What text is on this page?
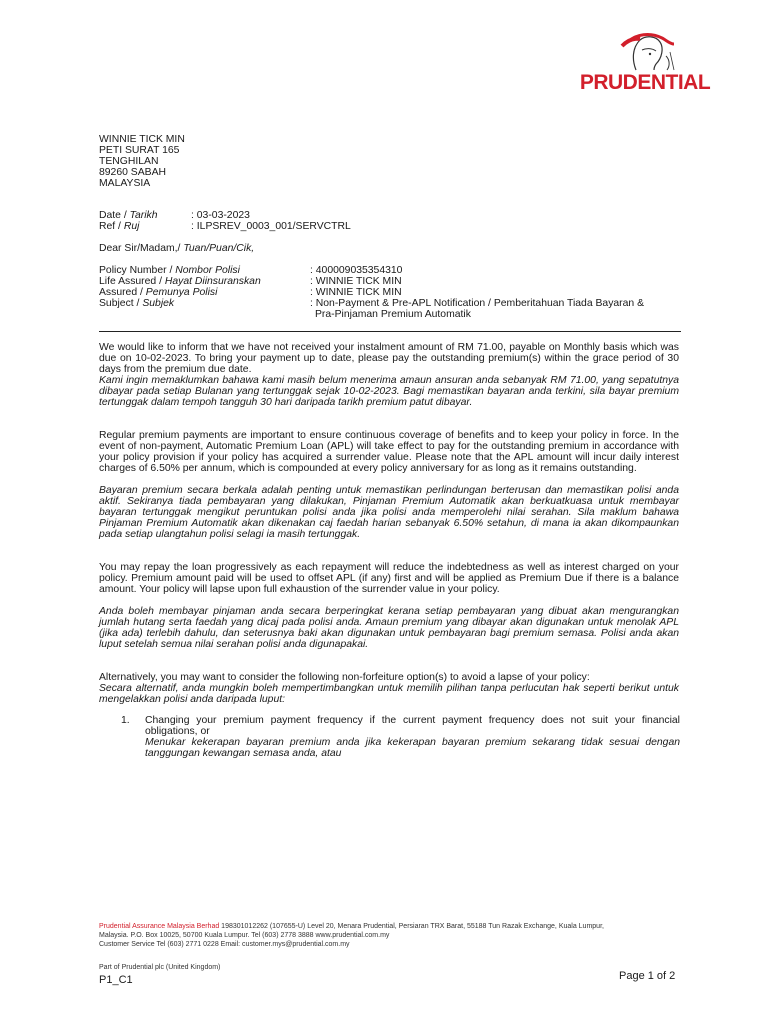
PRUDENTIAL
WINNIE TICK MIN
PETI SURAT 165
TENGHILAN
89260 SABAH
MALAYSIA
Date / Tarikh	: 03-03-2023
Ref / Ruj	: ILPSREV_0003_001/SERVCTRL
Dear Sir/Madam,/ Tuan/Puan/Cik,
Policy Number / Nombor Polisi	: 400009035354310
Life Assured / Hayat Diinsuranskan	: WINNIE TICK MIN
Assured / Pemunya Polisi	: WINNIE TICK MIN
Subject / Subjek	: Non-Payment & Pre-APL Notification / Pemberitahuan Tiada Bayaran &
Pra-Pinjaman Premium Automatik
We would like to inform that we have not received your instalment amount of RM 71.00, payable on Monthly basis which was due on 10-02-2023. To bring your payment up to date, please pay the outstanding premium(s) within the grace period of 30 days from the premium due date.
Kami ingin memaklumkan bahawa kami masih belum menerima amaun ansuran anda sebanyak RM 71.00, yang sepatutnya dibayar pada setiap Bulanan yang tertunggak sejak 10-02-2023. Bagi memastikan bayaran anda terkini, sila bayar premium tertunggak dalam tempoh tangguh 30 hari daripada tarikh premium patut dibayar.
Regular premium payments are important to ensure continuous coverage of benefits and to keep your policy in force. In the event of non-payment, Automatic Premium Loan (APL) will take effect to pay for the outstanding premium in accordance with your policy provision if your policy has acquired a surrender value. Please note that the APL amount will incur daily interest charges of 6.50% per annum, which is compounded at every policy anniversary for as long as it remains outstanding.
Bayaran premium secara berkala adalah penting untuk memastikan perlindungan berterusan dan memastikan polisi anda aktif. Sekiranya tiada pembayaran yang dilakukan, Pinjaman Premium Automatik akan berkuatkuasa untuk membayar bayaran tertunggak mengikut peruntukan polisi anda jika polisi anda memperolehi nilai serahan. Sila maklum bahawa Pinjaman Premium Automatik akan dikenakan caj faedah harian sebanyak 6.50% setahun, di mana ia akan dikompaunkan pada setiap ulangtahun polisi selagi ia masih tertunggak.
You may repay the loan progressively as each repayment will reduce the indebtedness as well as interest charged on your policy. Premium amount paid will be used to offset APL (if any) first and will be applied as Premium Due if there is a balance amount. Your policy will lapse upon full exhaustion of the surrender value in your policy.
Anda boleh membayar pinjaman anda secara berperingkat kerana setiap pembayaran yang dibuat akan mengurangkan jumlah hutang serta faedah yang dicaj pada polisi anda. Amaun premium yang dibayar akan digunakan untuk menolak APL (jika ada) terlebih dahulu, dan seterusnya baki akan digunakan untuk pembayaran bagi premium semasa. Polisi anda akan luput setelah semua nilai serahan polisi anda digunapakai.
Alternatively, you may want to consider the following non-forfeiture option(s) to avoid a lapse of your policy:
Secara alternatif, anda mungkin boleh mempertimbangkan untuk memilih pilihan tanpa perlucutan hak seperti berikut untuk mengelakkan polisi anda daripada luput:
1. Changing your premium payment frequency if the current payment frequency does not suit your financial obligations, or
Menukar kekerapan bayaran premium anda jika kekerapan bayaran premium sekarang tidak sesuai dengan tanggungan kewangan semasa anda, atau
Prudential Assurance Malaysia Berhad 198301012262 (107655-U) Level 20, Menara Prudential, Persiaran TRX Barat, 55188 Tun Razak Exchange, Kuala Lumpur,
Malaysia. P.O. Box 10025, 50700 Kuala Lumpur. Tel (603) 2778 3888 www.prudential.com.my
Customer Service Tel (603) 2771 0228 Email: customer.mys@prudential.com.my
Part of Prudential plc (United Kingdom)
P1_C1	Page 1 of 2
